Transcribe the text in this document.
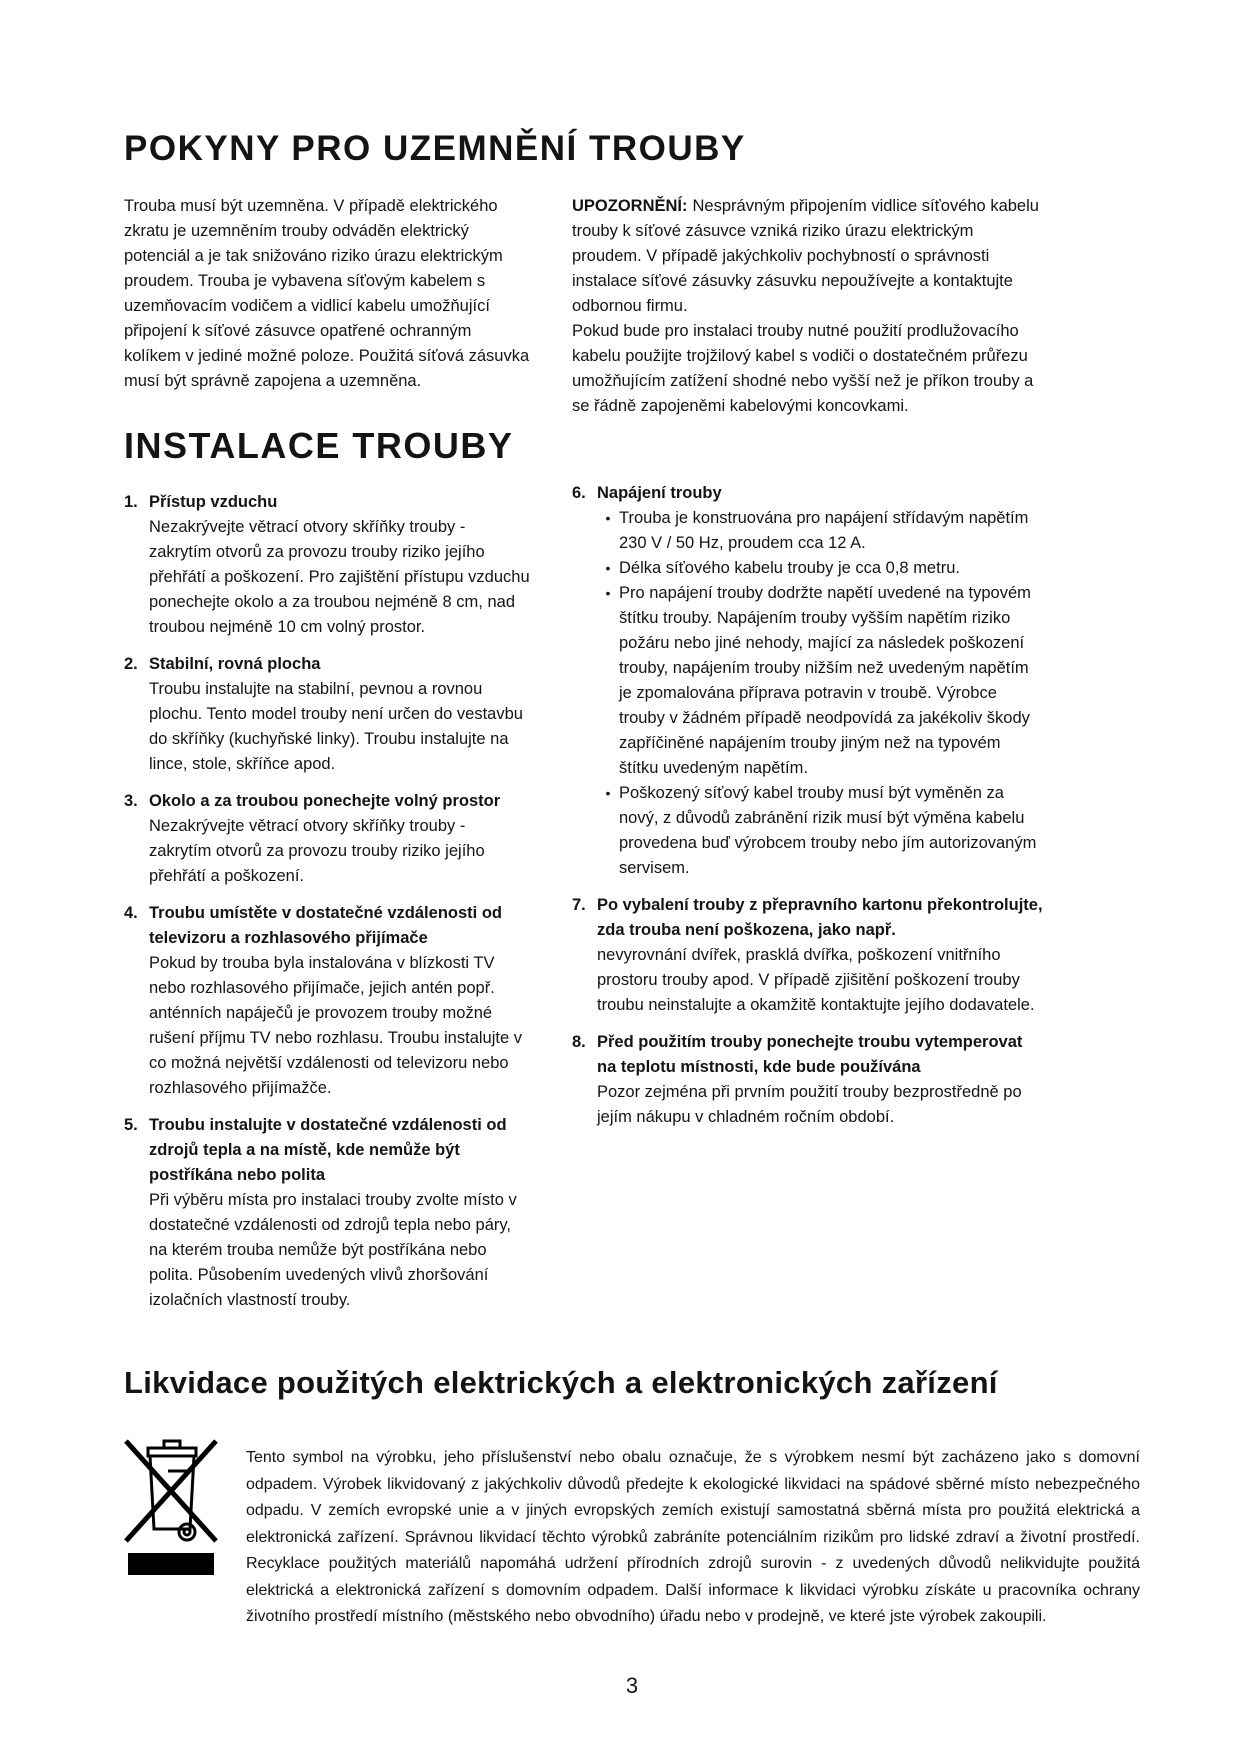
POKYNY PRO UZEMNĚNÍ TROUBY

Trouba musí být uzemněna. V případě elektrického zkratu je uzemněním trouby odváděn elektrický potenciál a je tak snižováno riziko úrazu elektrickým proudem. Trouba je vybavena síťovým kabelem s uzemňovacím vodičem a vidlicí kabelu umožňující připojení k síťové zásuvce opatřené ochranným kolíkem v jediné možné poloze. Použitá síťová zásuvka musí být správně zapojena a uzemněna.

INSTALACE TROUBY
1. Přístup vzduchu
Nezakrývejte větrací otvory skříňky trouby - zakrytím otvorů za provozu trouby riziko jejího přehřátí a poškození. Pro zajištění přístupu vzduchu ponechejte okolo a za troubou nejméně 8 cm, nad troubou nejméně 10 cm volný prostor.
2. Stabilní, rovná plocha
Troubu instalujte na stabilní, pevnou a rovnou plochu. Tento model trouby není určen do vestavbu do skříňky (kuchyňské linky). Troubu instalujte na lince, stole, skříňce apod.
3. Okolo a za troubou ponechejte volný prostor
Nezakrývejte větrací otvory skříňky trouby - zakrytím otvorů za provozu trouby riziko jejího přehřátí a poškození.
4. Troubu umístěte v dostatečné vzdálenosti od televizoru a rozhlasového přijímače
Pokud by trouba byla instalována v blízkosti TV nebo rozhlasového přijímače, jejich antén popř. anténních napáječů je provozem trouby možné rušení příjmu TV nebo rozhlasu. Troubu instalujte v co možná největší vzdálenosti od televizoru nebo rozhlasového přijímažče.
5. Troubu instalujte v dostatečné vzdálenosti od zdrojů tepla a na místě, kde nemůže být postříkána nebo polita
Při výběru místa pro instalaci trouby zvolte místo v dostatečné vzdálenosti od zdrojů tepla nebo páry, na kterém trouba nemůže být postříkána nebo polita. Působením uvedených vlivů zhoršování izolačních vlastností trouby.

UPOZORNĚNÍ: Nesprávným připojením vidlice síťového kabelu trouby k síťové zásuvce vzniká riziko úrazu elektrickým proudem. V případě jakýchkoliv pochybností o správnosti instalace síťové zásuvky zásuvku nepoužívejte a kontaktujte odbornou firmu.

Pokud bude pro instalaci trouby nutné použití prodlužovacího kabelu použijte trojžilový kabel s vodiči o dostatečném průřezu umožňujícím zatížení shodné nebo vyšší než je příkon trouby a se řádně zapojeněmi kabelovými koncovkami.

6. Napájení trouby
• Trouba je konstruována pro napájení střídavým napětím 230 V / 50 Hz, proudem cca 12 A.
• Délka síťového kabelu trouby je cca 0,8 metru.
• Pro napájení trouby dodržte napětí uvedené na typovém štítku trouby. Napájením trouby vyšším napětím riziko požáru nebo jiné nehody, mající za následek poškození trouby, napájením trouby nižším než uvedeným napětím je zpomalována příprava potravin v troubě. Výrobce trouby v žádném případě neodpovídá za jakékoliv škody zapříčiněné napájením trouby jiným než na typovém štítku uvedeným napětím.
• Poškozený síťový kabel trouby musí být vyměněn za nový, z důvodů zabránění rizik musí být výměna kabelu provedena buď výrobcem trouby nebo jím autorizovaným servisem.
7. Po vybalení trouby z přepravního kartonu překontrolujte, zda trouba není poškozena, jako např.
nevyrovnání dvířek, prasklá dvířka, poškození vnitřního prostoru trouby apod. V případě zjišitění poškození trouby troubu neinstalujte a okamžitě kontaktujte jejího dodavatele.
8. Před použitím trouby ponechejte troubu vytemperovat na teplotu místnosti, kde bude používána
Pozor zejména při prvním použití trouby bezprostředně po jejím nákupu v chladném ročním období.
Likvidace použitých elektrických a elektronických zařízení

Tento symbol na výrobku, jeho příslušenství nebo obalu označuje, že s výrobkem nesmí být zacházeno jako s domovní odpadem. Výrobek likvidovaný z jakýchkoliv důvodů předejte k ekologické likvidaci na spádové sběrné místo nebezpečného odpadu. V zemích evropské unie a v jiných evropských zemích existují samostatná sběrná místa pro použitá elektrická a elektronická zařízení. Správnou likvidací těchto výrobků zabráníte potenciálním rizikům pro lidské zdraví a životní prostředí. Recyklace použitých materiálů napomáhá udržení přírodních zdrojů surovin - z uvedených důvodů nelikvidujte použitá elektrická a elektronická zařízení s domovním odpadem. Další informace k likvidaci výrobku získáte u pracovníka ochrany životního prostředí místního (městského nebo obvodního) úřadu nebo v prodejně, ve které jste výrobek zakoupili.

3
